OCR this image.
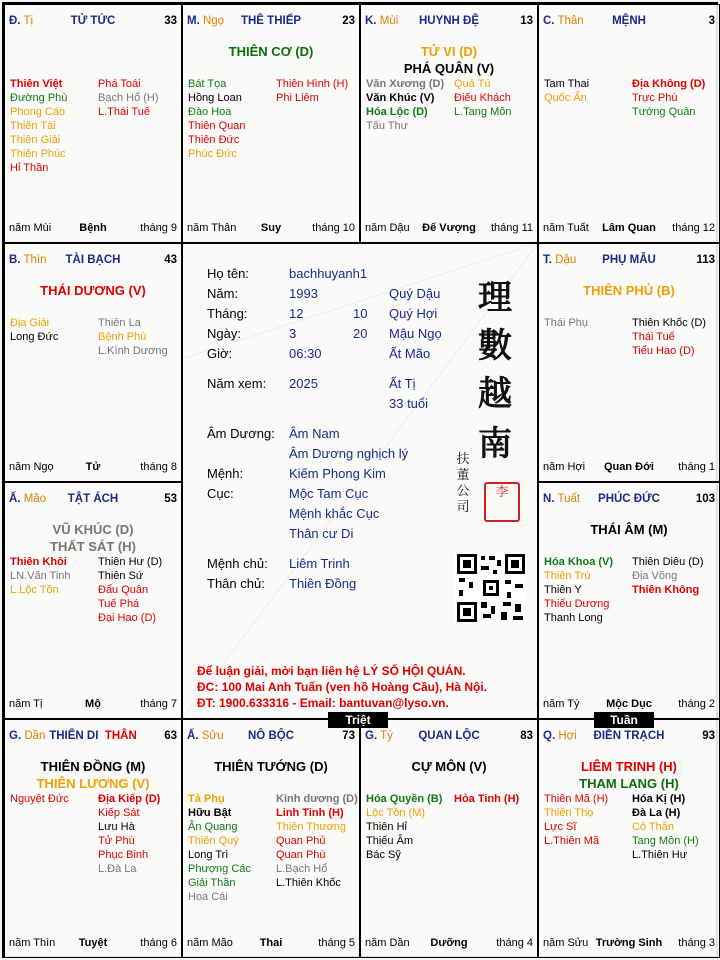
Đ. Tị	TỬ TỨC	33
Thiên Việt
Đường Phù
Phong Cáo
Thiên Tài
Thiên Giải
Thiên Phúc
Hỉ Thần
Phá Toái
Bạch Hổ (H)
L.Thái Tuế
năm Mùi	Bệnh	tháng 9
M. Ngọ	THÊ THIẾP	23
THIÊN CƠ (D)
Bát Tọa
Hồng Loan
Đào Hoa
Thiên Quan
Thiên Đức
Phúc Đức
Thiên Hình (H)
Phi Liêm
năm Thân	Suy	tháng 10
K. Mùi	HUYNH ĐỆ	13
TỬ VI (D)
PHÁ QUÂN (V)
Văn Xương (D)
Văn Khúc (V)
Hóa Lộc (D)
Tấu Thư
Quả Tú
Điếu Khách
L.Tang Môn
năm Dậu	Đế Vượng	tháng 11
C. Thân	MỆNH	3
Tam Thai
Quốc Ấn
Địa Không (D)
Trực Phù
Tướng Quân
năm Tuất	Lâm Quan	tháng 12
B. Thìn	TÀI BẠCH	43
THÁI DƯƠNG (V)
Địa Giải
Long Đức
Thiên La
Bệnh Phù
L.Kình Dương
năm Ngọ	Tử	tháng 8
T. Dậu	PHỤ MẪU	113
THIÊN PHỦ (B)
Thái Phụ	Thiên Khốc (D)
Thái Tuế
Tiểu Hao (D)
năm Hợi	Quan Đới	tháng 1
Ấ. Mão	TẬT ÁCH	53
VŨ KHÚC (D)
THẤT SÁT (H)
Thiên Khôi
LN.Văn Tinh
L.Lộc Tồn
Thiên Hư (D)
Thiên Sứ
Đẩu Quân
Tuế Phá
Đại Hao (D)
năm Tị	Mộ	tháng 7
N. Tuất	PHÚC ĐỨC	103
THÁI ÂM (M)
Hóa Khoa (V)
Thiên Trù
Thiên Y
Thiếu Dương
Thanh Long
Thiên Diêu (D)
Địa Võng
Thiên Không
năm Tý	Mộc Dục	tháng 2
G. Dần THIÊN DI THÂN	63
THIÊN ĐỒNG (M)
THIÊN LƯƠNG (V)
Nguyệt Đức	Địa Kiếp (D)
Kiếp Sát
Lưu Hà
Tử Phù
Phục Binh
L.Đà La
năm Thìn	Tuyệt	tháng 6
Ấ. Sửu	NÔ BỘC	73
THIÊN TƯỚNG (D)
Tả Phụ
Hữu Bật
Ân Quang
Thiên Quý
Long Trì
Phượng Các
Giải Thần
Hoa Cái
Kình dương (D)
Linh Tinh (H)
Thiên Thương
Quan Phủ
Quan Phù
L.Bạch Hổ
L.Thiên Khốc
năm Mão	Thai	tháng 5
G. Tý	QUAN LỘC	83
CỰ MÔN (V)
Hóa Quyền (B)
Lộc Tồn (M)
Thiên Hỉ
Thiếu Âm
Bác Sỹ
Hỏa Tinh (H)
năm Dần	Dưỡng	tháng 4
Q. Hợi	ĐIỀN TRẠCH	93
LIÊM TRINH (H)
THAM LANG (H)
Thiên Mã (H)
Thiên Thọ
Lực Sĩ
L.Thiên Mã
Hóa Kị (H)
Đà La (H)
Cô Thần
Tang Môn (H)
L.Thiên Hư
năm Sửu Trường Sinh	tháng 3
Họ tên:	bachhuyanh1
Năm:	1993	Quý Dậu
Tháng:	12	10 Quý Hợi
Ngày:	3	20 Mậu Ngọ
Giờ:	06:30	Ất Mão
Năm xem: 2025	Ất Tị
33 tuổi
Âm Dương: Âm Nam
Âm Dương nghịch lý
Mệnh:	Kiếm Phong Kim
Cục:	Mộc Tam Cục
Mệnh khắc Cục
Thân cư Di
Mệnh chủ: Liêm Trinh
Thân chủ: Thiên Đồng
理
數
越
南
扶
董
公
司
李
Để luận giải, mời bạn liên hệ LÝ SỐ HỘI QUÁN.
ĐC: 100 Mai Anh Tuấn (ven hồ Hoàng Cầu), Hà Nội.
ĐT: 1900.633316 - Email: bantuvan@lyso.vn.
Triệt	Tuần
